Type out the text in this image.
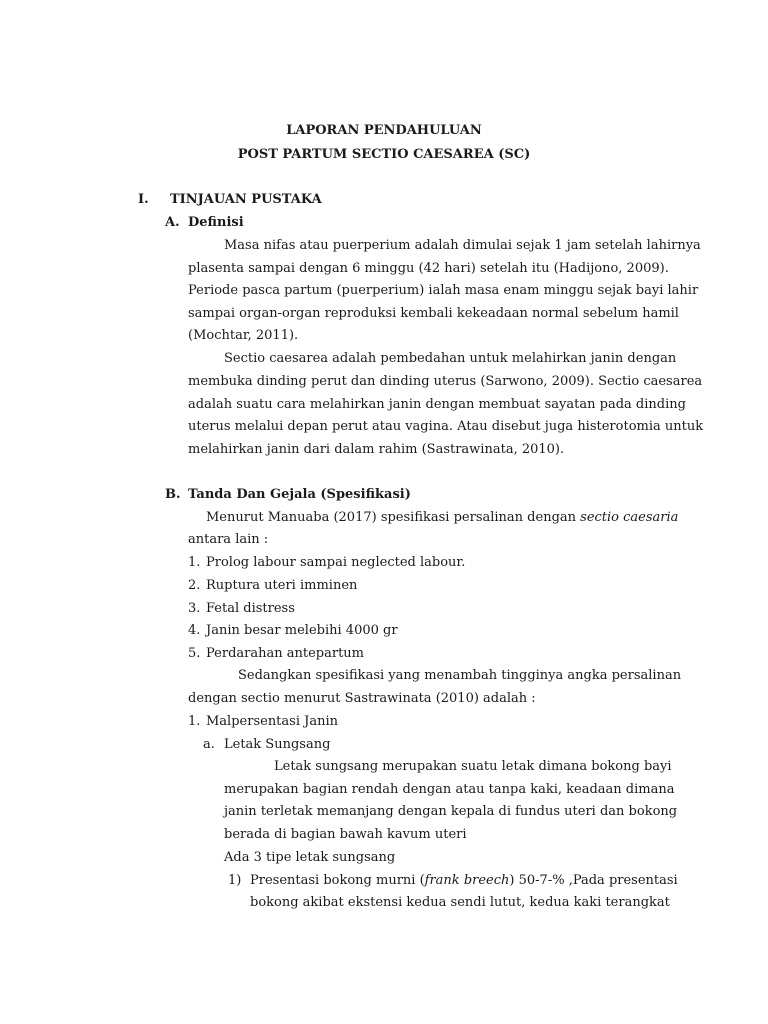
LAPORAN PENDAHULUAN
POST PARTUM SECTIO CAESAREA (SC)
I. TINJAUAN PUSTAKA
A. Definisi
Masa nifas atau puerperium adalah dimulai sejak 1 jam setelah lahirnya
plasenta sampai dengan 6 minggu (42 hari) setelah itu (Hadijono, 2009).
Periode pasca partum (puerperium) ialah masa enam minggu sejak bayi lahir
sampai organ-organ reproduksi kembali kekeadaan normal sebelum hamil
(Mochtar, 2011).
Sectio caesarea adalah pembedahan untuk melahirkan janin dengan
membuka dinding perut dan dinding uterus (Sarwono, 2009). Sectio caesarea
adalah suatu cara melahirkan janin dengan membuat sayatan pada dinding
uterus melalui depan perut atau vagina. Atau disebut juga histerotomia untuk
melahirkan janin dari dalam rahim (Sastrawinata, 2010).
B. Tanda Dan Gejala (Spesifikasi)
Menurut Manuaba (2017) spesifikasi persalinan dengan sectio caesaria
antara lain :
1. Prolog labour sampai neglected labour.
2. Ruptura uteri imminen
3. Fetal distress
4. Janin besar melebihi 4000 gr
5. Perdarahan antepartum
Sedangkan spesifikasi yang menambah tingginya angka persalinan
dengan sectio menurut Sastrawinata (2010) adalah :
1. Malpersentasi Janin
a. Letak Sungsang
Letak sungsang merupakan suatu letak dimana bokong bayi
merupakan bagian rendah dengan atau tanpa kaki, keadaan dimana
janin terletak memanjang dengan kepala di fundus uteri dan bokong
berada di bagian bawah kavum uteri
Ada 3 tipe letak sungsang
1) Presentasi bokong murni (frank breech) 50-7-% ,Pada presentasi
bokong akibat ekstensi kedua sendi lutut, kedua kaki terangkat
